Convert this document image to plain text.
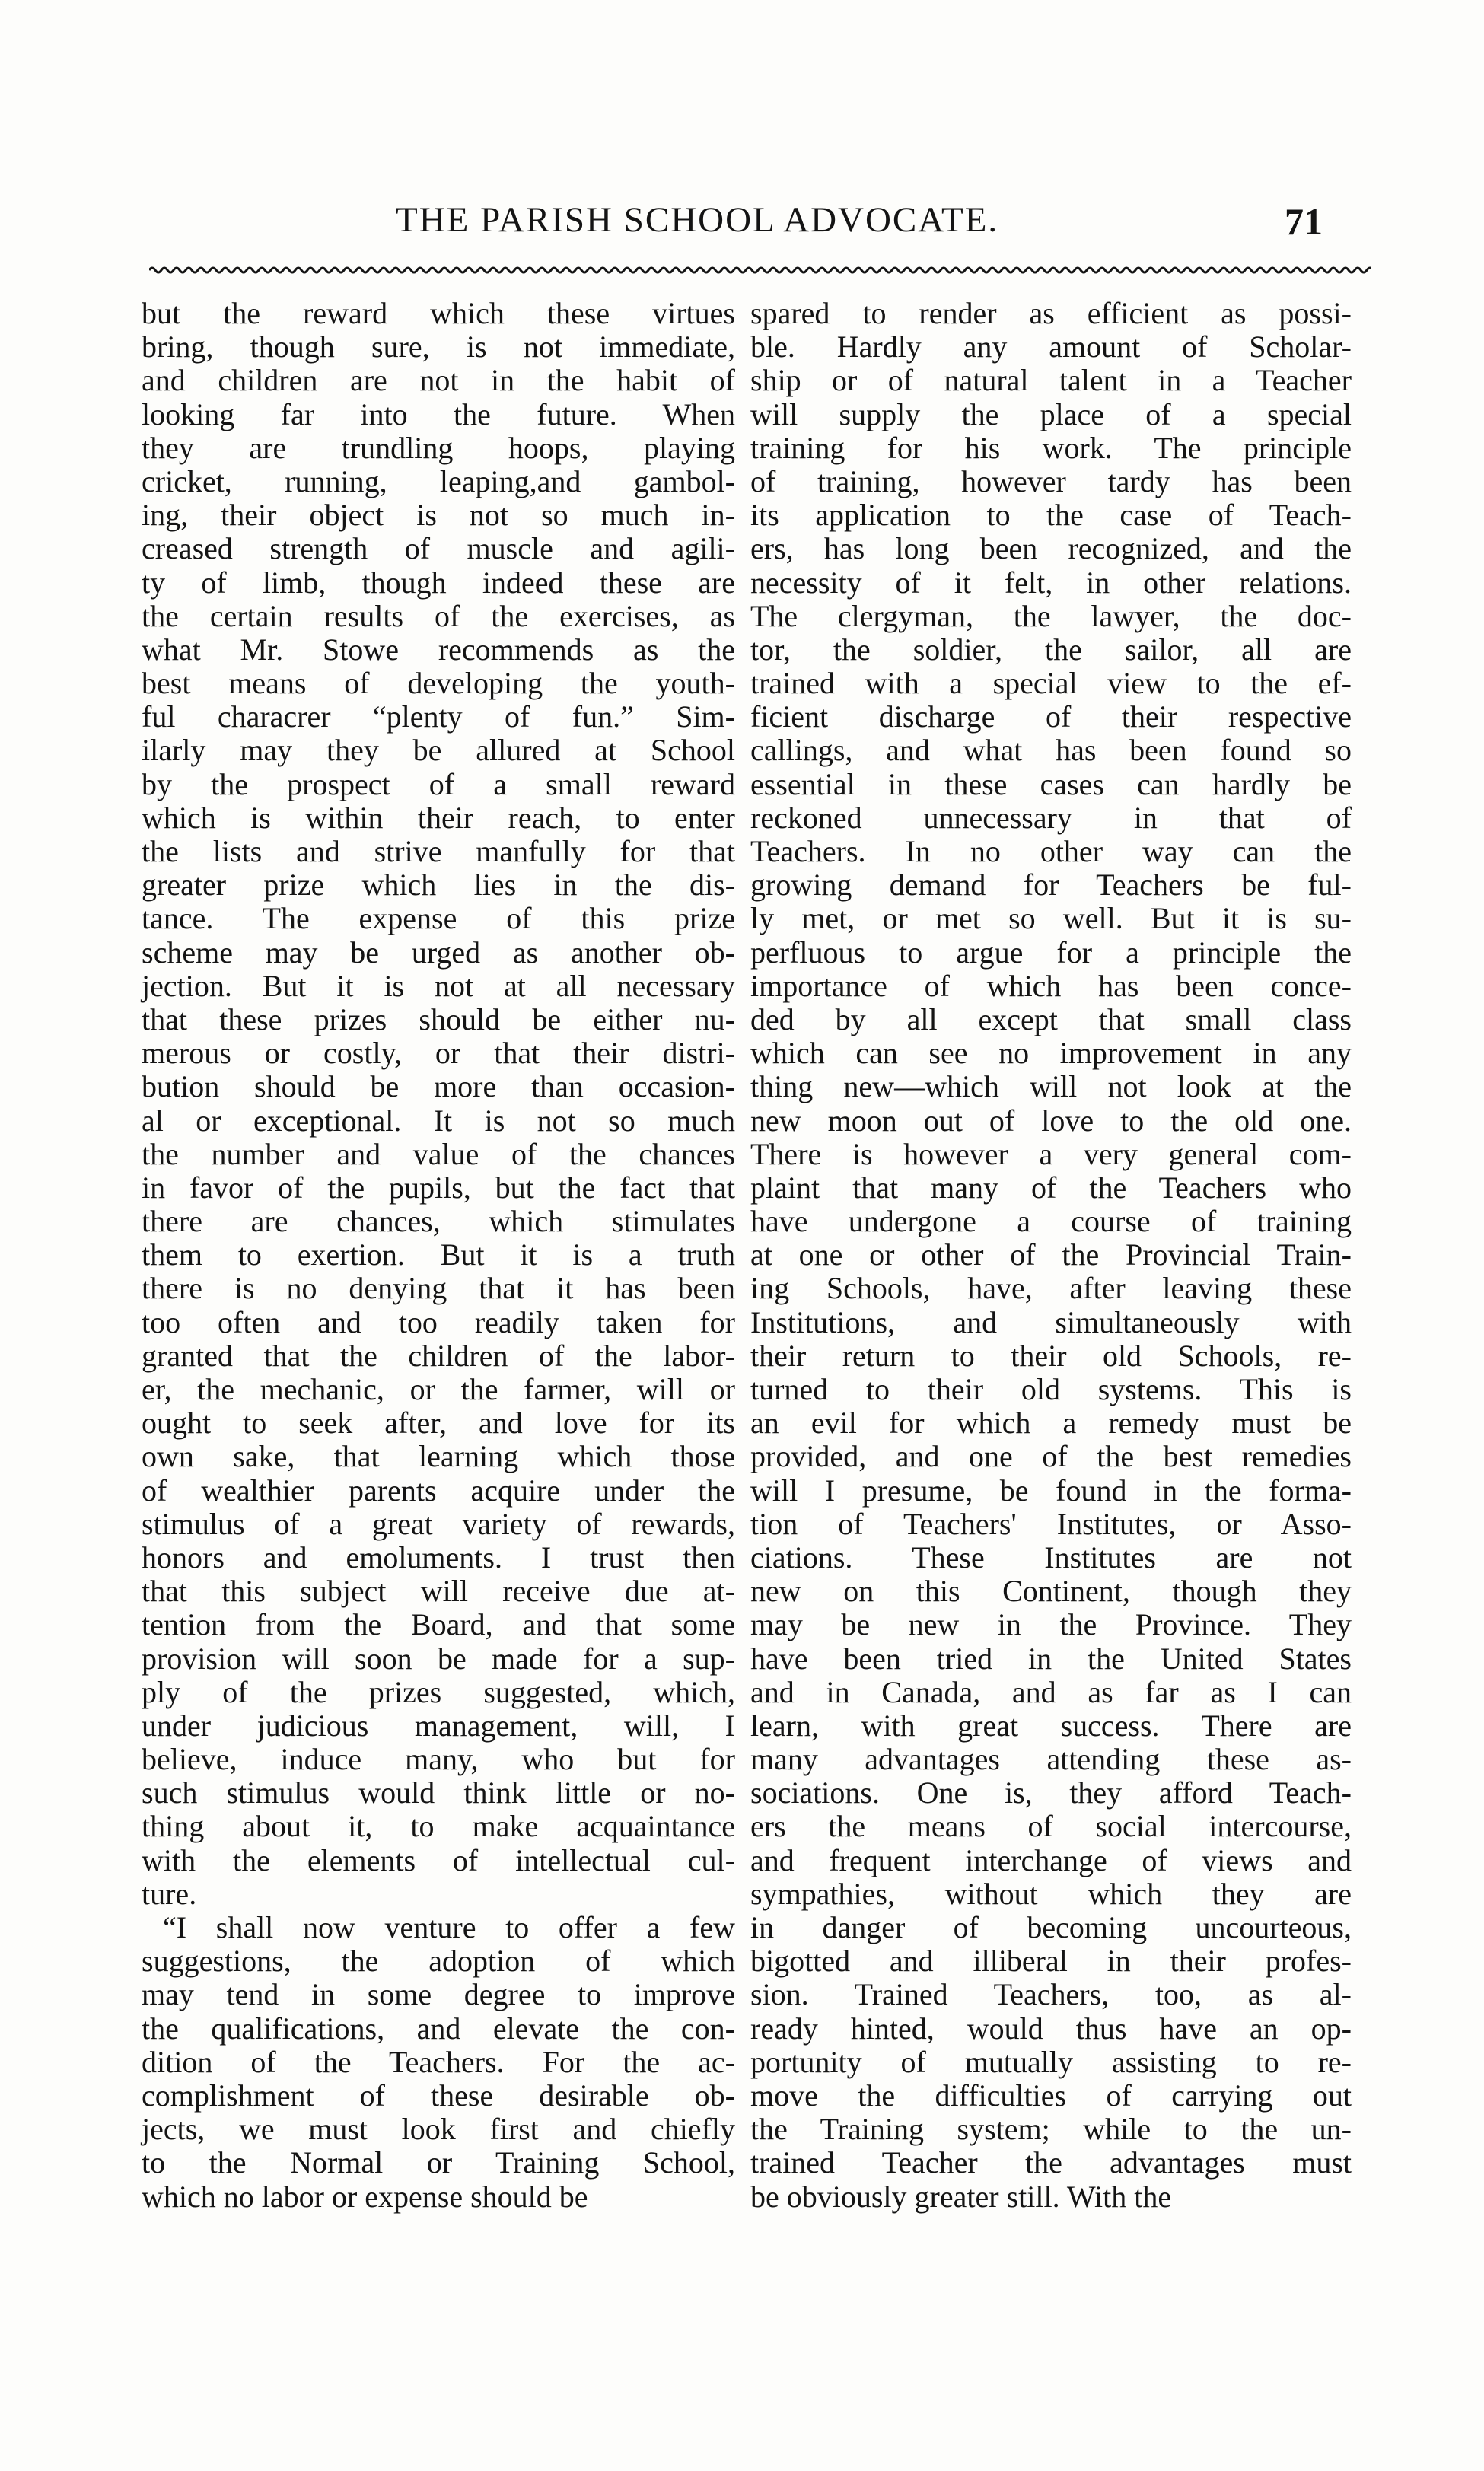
THE PARISH SCHOOL ADVOCATE.	71
but the reward which these virtues
bring, though sure, is not immediate,
and children are not in the habit of
looking far into the future. When
they are trundling hoops, playing
cricket, running, leaping,and gambol-
ing, their object is not so much in-
creased strength of muscle and agili-
ty of limb, though indeed these are
the certain results of the exercises, as
what Mr. Stowe recommends as the
best means of developing the youth-
ful characrer “plenty of fun.” Sim-
ilarly may they be allured at School
by the prospect of a small reward
which is within their reach, to enter
the lists and strive manfully for that
greater prize which lies in the dis-
tance. The expense of this prize
scheme may be urged as another ob-
jection. But it is not at all necessary
that these prizes should be either nu-
merous or costly, or that their distri-
bution should be more than occasion-
al or exceptional. It is not so much
the number and value of the chances
in favor of the pupils, but the fact that
there are chances, which stimulates
them to exertion. But it is a truth
there is no denying that it has been
too often and too readily taken for
granted that the children of the labor-
er, the mechanic, or the farmer, will or
ought to seek after, and love for its
own sake, that learning which those
of wealthier parents acquire under the
stimulus of a great variety of rewards,
honors and emoluments. I trust then
that this subject will receive due at-
tention from the Board, and that some
provision will soon be made for a sup-
ply of the prizes suggested, which,
under judicious management, will, I
believe, induce many, who but for
such stimulus would think little or no-
thing about it, to make acquaintance
with the elements of intellectual cul-
ture.
“I shall now venture to offer a few
suggestions, the adoption of which
may tend in some degree to improve
the qualifications, and elevate the con-
dition of the Teachers. For the ac-
complishment of these desirable ob-
jects, we must look first and chiefly
to the Normal or Training School,
which no labor or expense should be
spared to render as efficient as possi-
ble. Hardly any amount of Scholar-
ship or of natural talent in a Teacher
will supply the place of a special
training for his work. The principle
of training, however tardy has been
its application to the case of Teach-
ers, has long been recognized, and the
necessity of it felt, in other relations.
The clergyman, the lawyer, the doc-
tor, the soldier, the sailor, all are
trained with a special view to the ef-
ficient discharge of their respective
callings, and what has been found so
essential in these cases can hardly be
reckoned unnecessary in that of
Teachers. In no other way can the
growing demand for Teachers be ful-
ly met, or met so well. But it is su-
perfluous to argue for a principle the
importance of which has been conce-
ded by all except that small class
which can see no improvement in any
thing new—which will not look at the
new moon out of love to the old one.
There is however a very general com-
plaint that many of the Teachers who
have undergone a course of training
at one or other of the Provincial Train-
ing Schools, have, after leaving these
Institutions, and simultaneously with
their return to their old Schools, re-
turned to their old systems. This is
an evil for which a remedy must be
provided, and one of the best remedies
will I presume, be found in the forma-
tion of Teachers' Institutes, or Asso-
ciations. These Institutes are not
new on this Continent, though they
may be new in the Province. They
have been tried in the United States
and in Canada, and as far as I can
learn, with great success. There are
many advantages attending these as-
sociations. One is, they afford Teach-
ers the means of social intercourse,
and frequent interchange of views and
sympathies, without which they are
in danger of becoming uncourteous,
bigotted and illiberal in their profes-
sion. Trained Teachers, too, as al-
ready hinted, would thus have an op-
portunity of mutually assisting to re-
move the difficulties of carrying out
the Training system; while to the un-
trained Teacher the advantages must
be obviously greater still. With the
